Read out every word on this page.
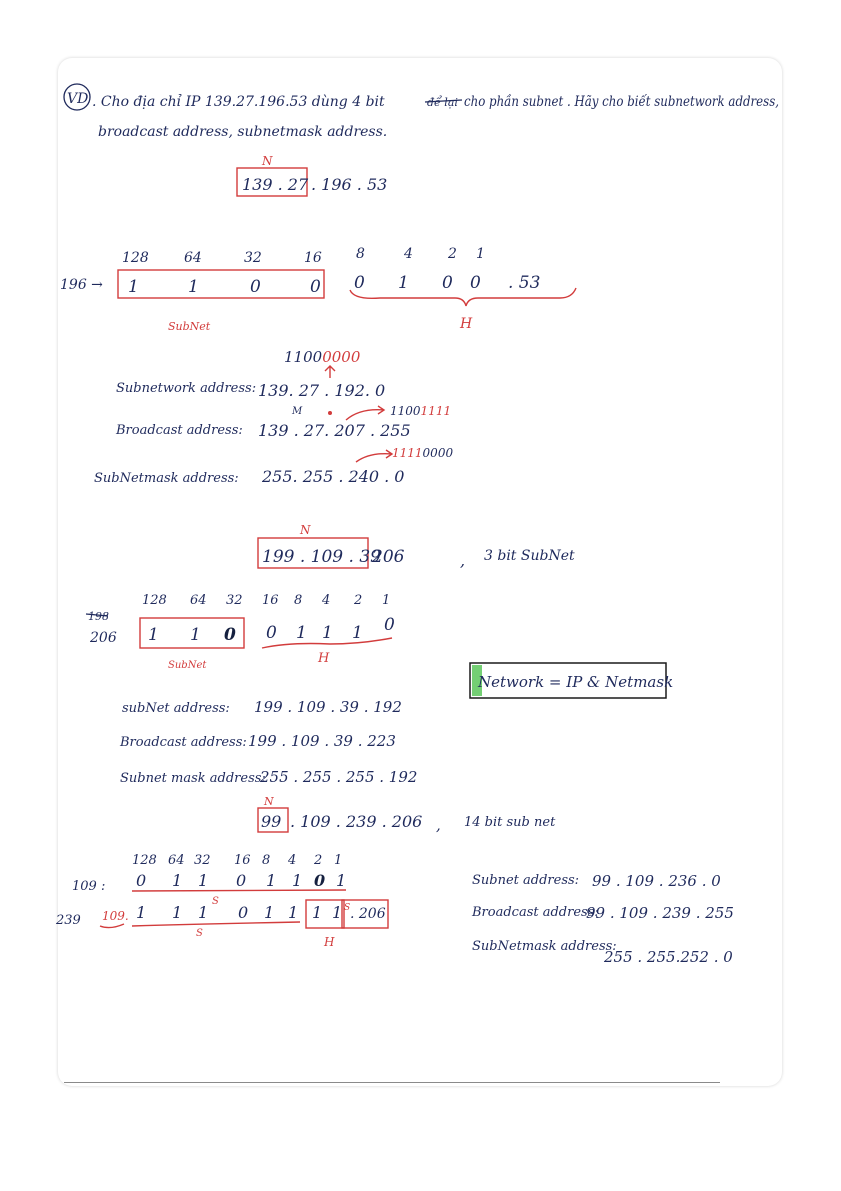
VD . Cho địa chỉ IP 139.27.196.53 dùng 4 bit	để lại cho phần subnet . Hãy cho biết subnetwork address,
broadcast address, subnetmask address.
N
139 . 27 . 196 . 53
128	64	32	16 8	4	2 1
196 → 1	1	0	0 0 1 0 0 . 53
SubNet	H
11000000
Subnetwork address: 139. 27 . 192. 0
M
Broadcast address: 139 . 27. 207 . 255
11001111
SubNetmask address: 255. 255 . 240 . 0
11110000
N
199 . 109 . 39
206	, 3 bit SubNet
128 64 32 16 8 4 2 1
198
206 1 1 0 0 1 1 1 0
SubNet	H
Network = IP & Netmask
subNet address: 199 . 109 . 39 . 192
Broadcast address: 199 . 109 . 39 . 223
Subnet mask address:
255 . 255 . 255 . 192
N
99 . 109 . 239 . 206 , 14 bit sub net
128 64 32 16 8 4 2 1
109 : 0 1 1 0 1 1 0 1
239 109. 1 1 1
S
0 1 1 1 1 S . 206
S
H
Subnet address: 99 . 109 . 236 . 0
Broadcast address:
99 . 109 . 239 . 255
SubNetmask address:
255 . 255.252 . 0
